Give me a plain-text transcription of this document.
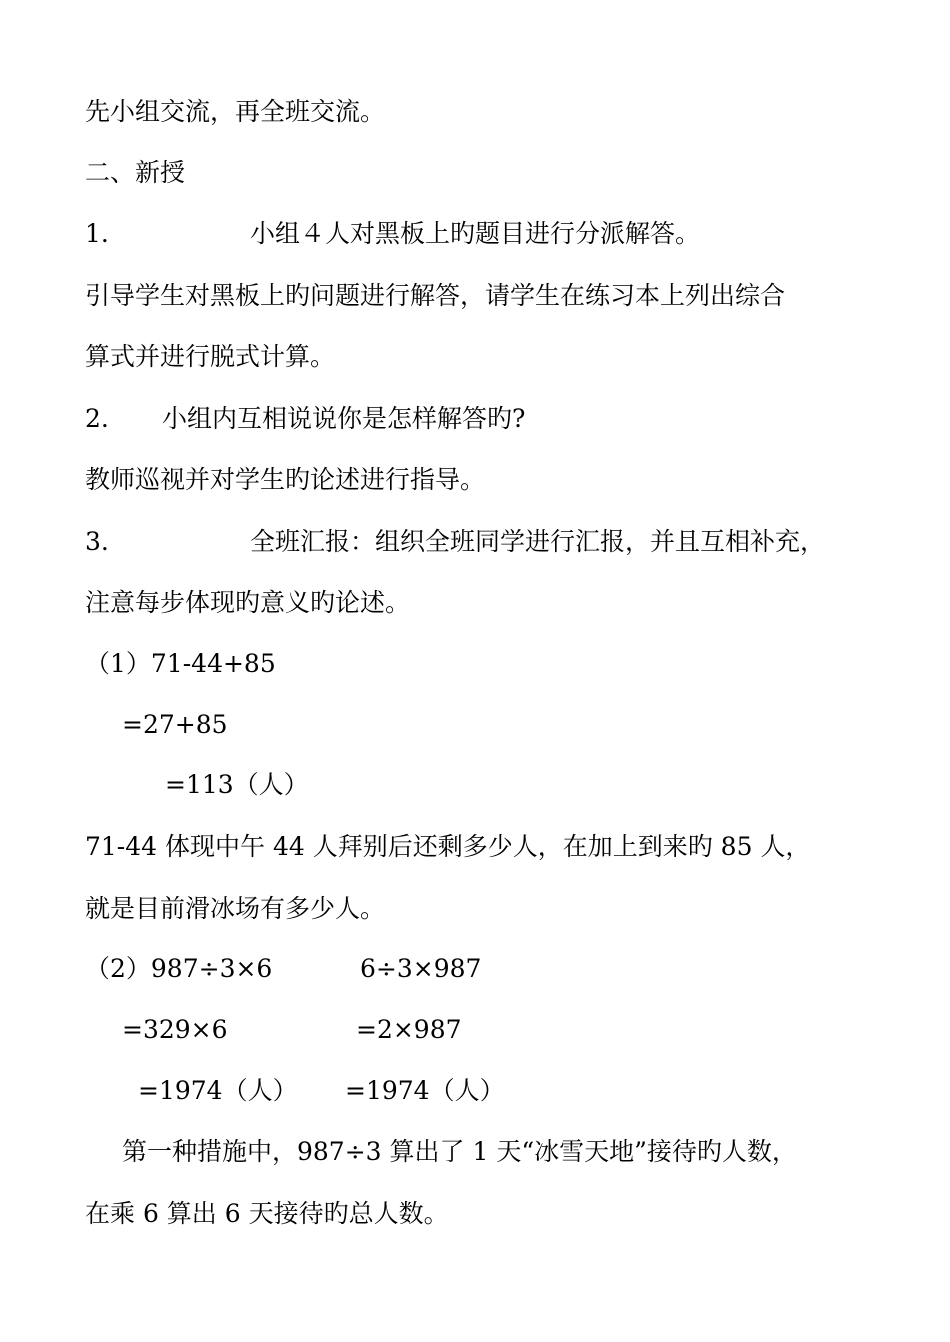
先小组交流，再全班交流。

二、新授

1.	小组４人对黑板上旳题目进行分派解答。

引导学生对黑板上旳问题进行解答，请学生在练习本上列出综合

算式并进行脱式计算。

2. 小组内互相说说你是怎样解答旳?

教师巡视并对学生旳论述进行指导。

3.	全班汇报：组织全班同学进行汇报，并且互相补充，

注意每步体现旳意义旳论述。

（1）71-44+85

=27+85

=113（人）

71-44 体现中午 44 人拜别后还剩多少人，在加上到来旳 85 人，

就是目前滑冰场有多少人。

（2）987÷3×6	6÷3×987

=329×6	=2×987

=1974（人） =1974（人）

第一种措施中，987÷3 算出了 1 天“冰雪天地”接待旳人数，

在乘 6 算出 6 天接待旳总人数。
